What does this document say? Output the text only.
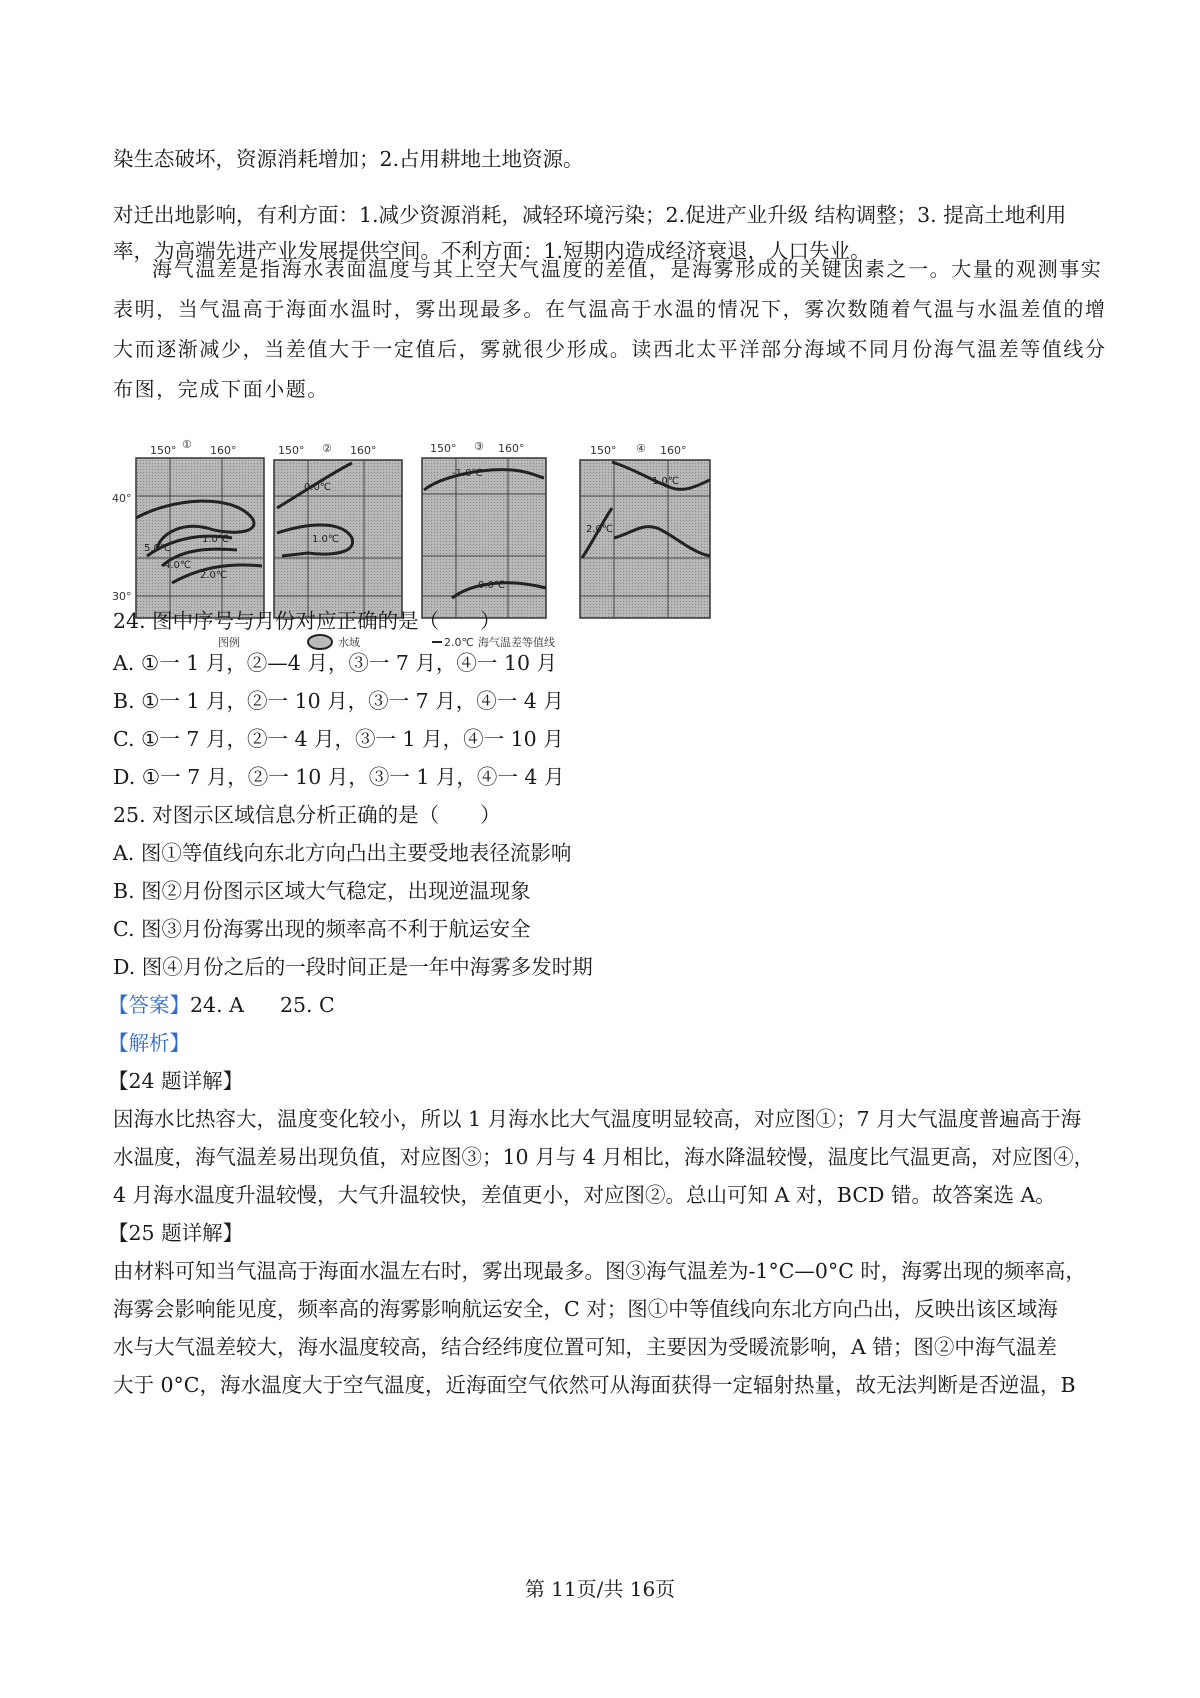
染生态破坏，资源消耗增加；2.占用耕地土地资源。
对迁出地影响，有利方面：1.减少资源消耗，减轻环境污染；2.促进产业升级 结构调整；3. 提高土地利用
率，为高端先进产业发展提供空间。不利方面：1.短期内造成经济衰退，人口失业。
海气温差是指海水表面温度与其上空大气温度的差值，是海雾形成的关键因素之一。大量的观测事实
表明，当气温高于海面水温时，雾出现最多。在气温高于水温的情况下，雾次数随着气温与水温差值的增
大而逐渐减少，当差值大于一定值后，雾就很少形成。读西北太平洋部分海域不同月份海气温差等值线分
布图，完成下面小题。
150° ① 160°
40°
30°
5.0℃
1.0℃
4.0℃
2.0℃
150° ② 160°
0.0℃
1.0℃
150° ③ 160°
-1.0℃
0.0℃
150° ④ 160°
1.0℃
2.0℃
图例	水域	2.0℃ 海气温差等值线
24. 图中序号与月份对应正确的是（　　）
A. ①一 1 月，②—4 月，③一 7 月，④一 10 月
B. ①一 1 月，②一 10 月，③一 7 月，④一 4 月
C. ①一 7 月，②一 4 月，③一 1 月，④一 10 月
D. ①一 7 月，②一 10 月，③一 1 月，④一 4 月
25. 对图示区域信息分析正确的是（　　）
A. 图①等值线向东北方向凸出主要受地表径流影响
B. 图②月份图示区域大气稳定，出现逆温现象
C. 图③月份海雾出现的频率高不利于航运安全
D. 图④月份之后的一段时间正是一年中海雾多发时期
【答案】24. A 25. C
【解析】
【24 题详解】
因海水比热容大，温度变化较小，所以 1 月海水比大气温度明显较高，对应图①；7 月大气温度普遍高于海
水温度，海气温差易出现负值，对应图③；10 月与 4 月相比，海水降温较慢，温度比气温更高，对应图④，
4 月海水温度升温较慢，大气升温较快，差值更小，对应图②。总山可知 A 对，BCD 错。故答案选 A。
【25 题详解】
由材料可知当气温高于海面水温左右时，雾出现最多。图③海气温差为-1°C—0°C 时，海雾出现的频率高，
海雾会影响能见度，频率高的海雾影响航运安全，C 对；图①中等值线向东北方向凸出，反映出该区域海
水与大气温差较大，海水温度较高，结合经纬度位置可知，主要因为受暖流影响，A 错；图②中海气温差
大于 0°C，海水温度大于空气温度，近海面空气依然可从海面获得一定辐射热量，故无法判断是否逆温，B
第 11页/共 16页
